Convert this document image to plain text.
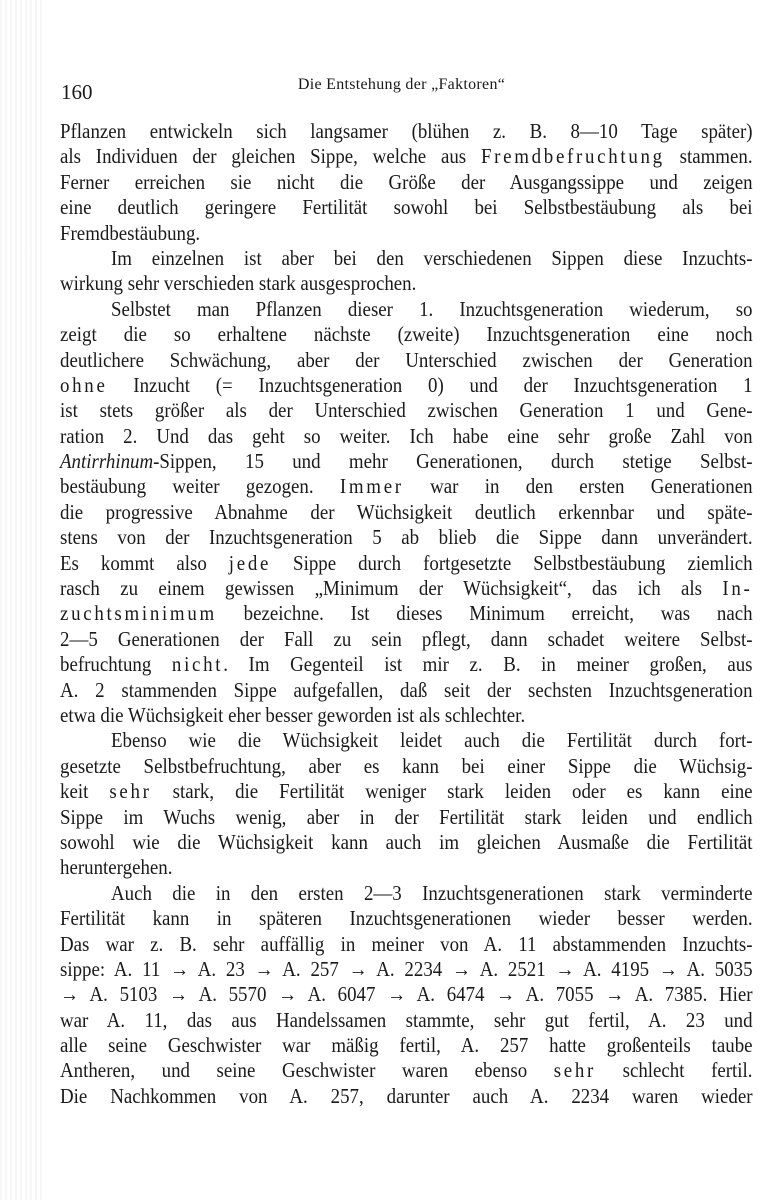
160	Die Entstehung der „Faktoren“
Pflanzen entwickeln sich langsamer (blühen z. B. 8—10 Tage später)
als Individuen der gleichen Sippe, welche aus Fremdbefruchtung stammen.
Ferner erreichen sie nicht die Größe der Ausgangssippe und zeigen
eine deutlich geringere Fertilität sowohl bei Selbstbestäubung als bei
Fremdbestäubung.
Im einzelnen ist aber bei den verschiedenen Sippen diese Inzuchts-
wirkung sehr verschieden stark ausgesprochen.
Selbstet man Pflanzen dieser 1. Inzuchtsgeneration wiederum, so
zeigt die so erhaltene nächste (zweite) Inzuchtsgeneration eine noch
deutlichere Schwächung, aber der Unterschied zwischen der Generation
ohne Inzucht (= Inzuchtsgeneration 0) und der Inzuchtsgeneration 1
ist stets größer als der Unterschied zwischen Generation 1 und Gene-
ration 2. Und das geht so weiter. Ich habe eine sehr große Zahl von
Antirrhinum-Sippen, 15 und mehr Generationen, durch stetige Selbst-
bestäubung weiter gezogen. Immer war in den ersten Generationen
die progressive Abnahme der Wüchsigkeit deutlich erkennbar und späte-
stens von der Inzuchtsgeneration 5 ab blieb die Sippe dann unverändert.
Es kommt also jede Sippe durch fortgesetzte Selbstbestäubung ziemlich
rasch zu einem gewissen „Minimum der Wüchsigkeit“, das ich als In-
zuchtsminimum bezeichne. Ist dieses Minimum erreicht, was nach
2—5 Generationen der Fall zu sein pflegt, dann schadet weitere Selbst-
befruchtung nicht. Im Gegenteil ist mir z. B. in meiner großen, aus
A. 2 stammenden Sippe aufgefallen, daß seit der sechsten Inzuchtsgeneration
etwa die Wüchsigkeit eher besser geworden ist als schlechter.
Ebenso wie die Wüchsigkeit leidet auch die Fertilität durch fort-
gesetzte Selbstbefruchtung, aber es kann bei einer Sippe die Wüchsig-
keit sehr stark, die Fertilität weniger stark leiden oder es kann eine
Sippe im Wuchs wenig, aber in der Fertilität stark leiden und endlich
sowohl wie die Wüchsigkeit kann auch im gleichen Ausmaße die Fertilität
heruntergehen.
Auch die in den ersten 2—3 Inzuchtsgenerationen stark verminderte
Fertilität kann in späteren Inzuchtsgenerationen wieder besser werden.
Das war z. B. sehr auffällig in meiner von A. 11 abstammenden Inzuchts-
sippe: A. 11 → A. 23 → A. 257 → A. 2234 → A. 2521 → A. 4195 → A. 5035
→ A. 5103 → A. 5570 → A. 6047 → A. 6474 → A. 7055 → A. 7385. Hier
war A. 11, das aus Handelssamen stammte, sehr gut fertil, A. 23 und
alle seine Geschwister war mäßig fertil, A. 257 hatte großenteils taube
Antheren, und seine Geschwister waren ebenso sehr schlecht fertil.
Die Nachkommen von A. 257, darunter auch A. 2234 waren wieder
